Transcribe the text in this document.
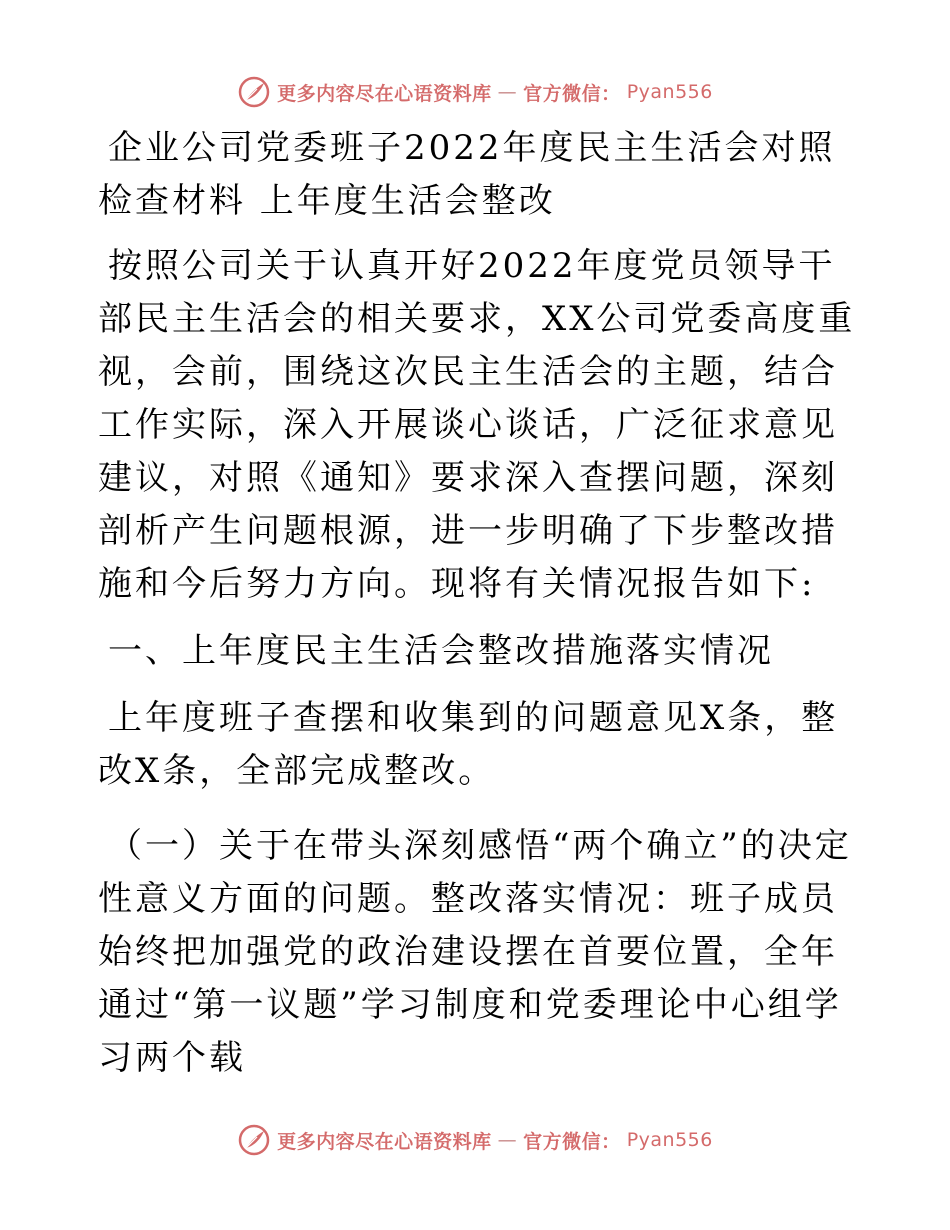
更多内容尽在心语资料库 — 官方微信： Pyan556

企业公司党委班子2022年度民主生活会对照检查材料 上年度生活会整改

按照公司关于认真开好2022年度党员领导干部民主生活会的相关要求，XX公司党委高度重视，会前，围绕这次民主生活会的主题，结合工作实际，深入开展谈心谈话，广泛征求意见建议，对照《通知》要求深入查摆问题，深刻剖析产生问题根源，进一步明确了下步整改措施和今后努力方向。现将有关情况报告如下:

一、上年度民主生活会整改措施落实情况

上年度班子查摆和收集到的问题意见X条，整改X条，全部完成整改。

（一）关于在带头深刻感悟“两个确立”的决定性意义方面的问题。整改落实情况：班子成员始终把加强党的政治建设摆在首要位置，全年通过“第一议题”学习制度和党委理论中心组学习两个载

更多内容尽在心语资料库 — 官方微信： Pyan556
